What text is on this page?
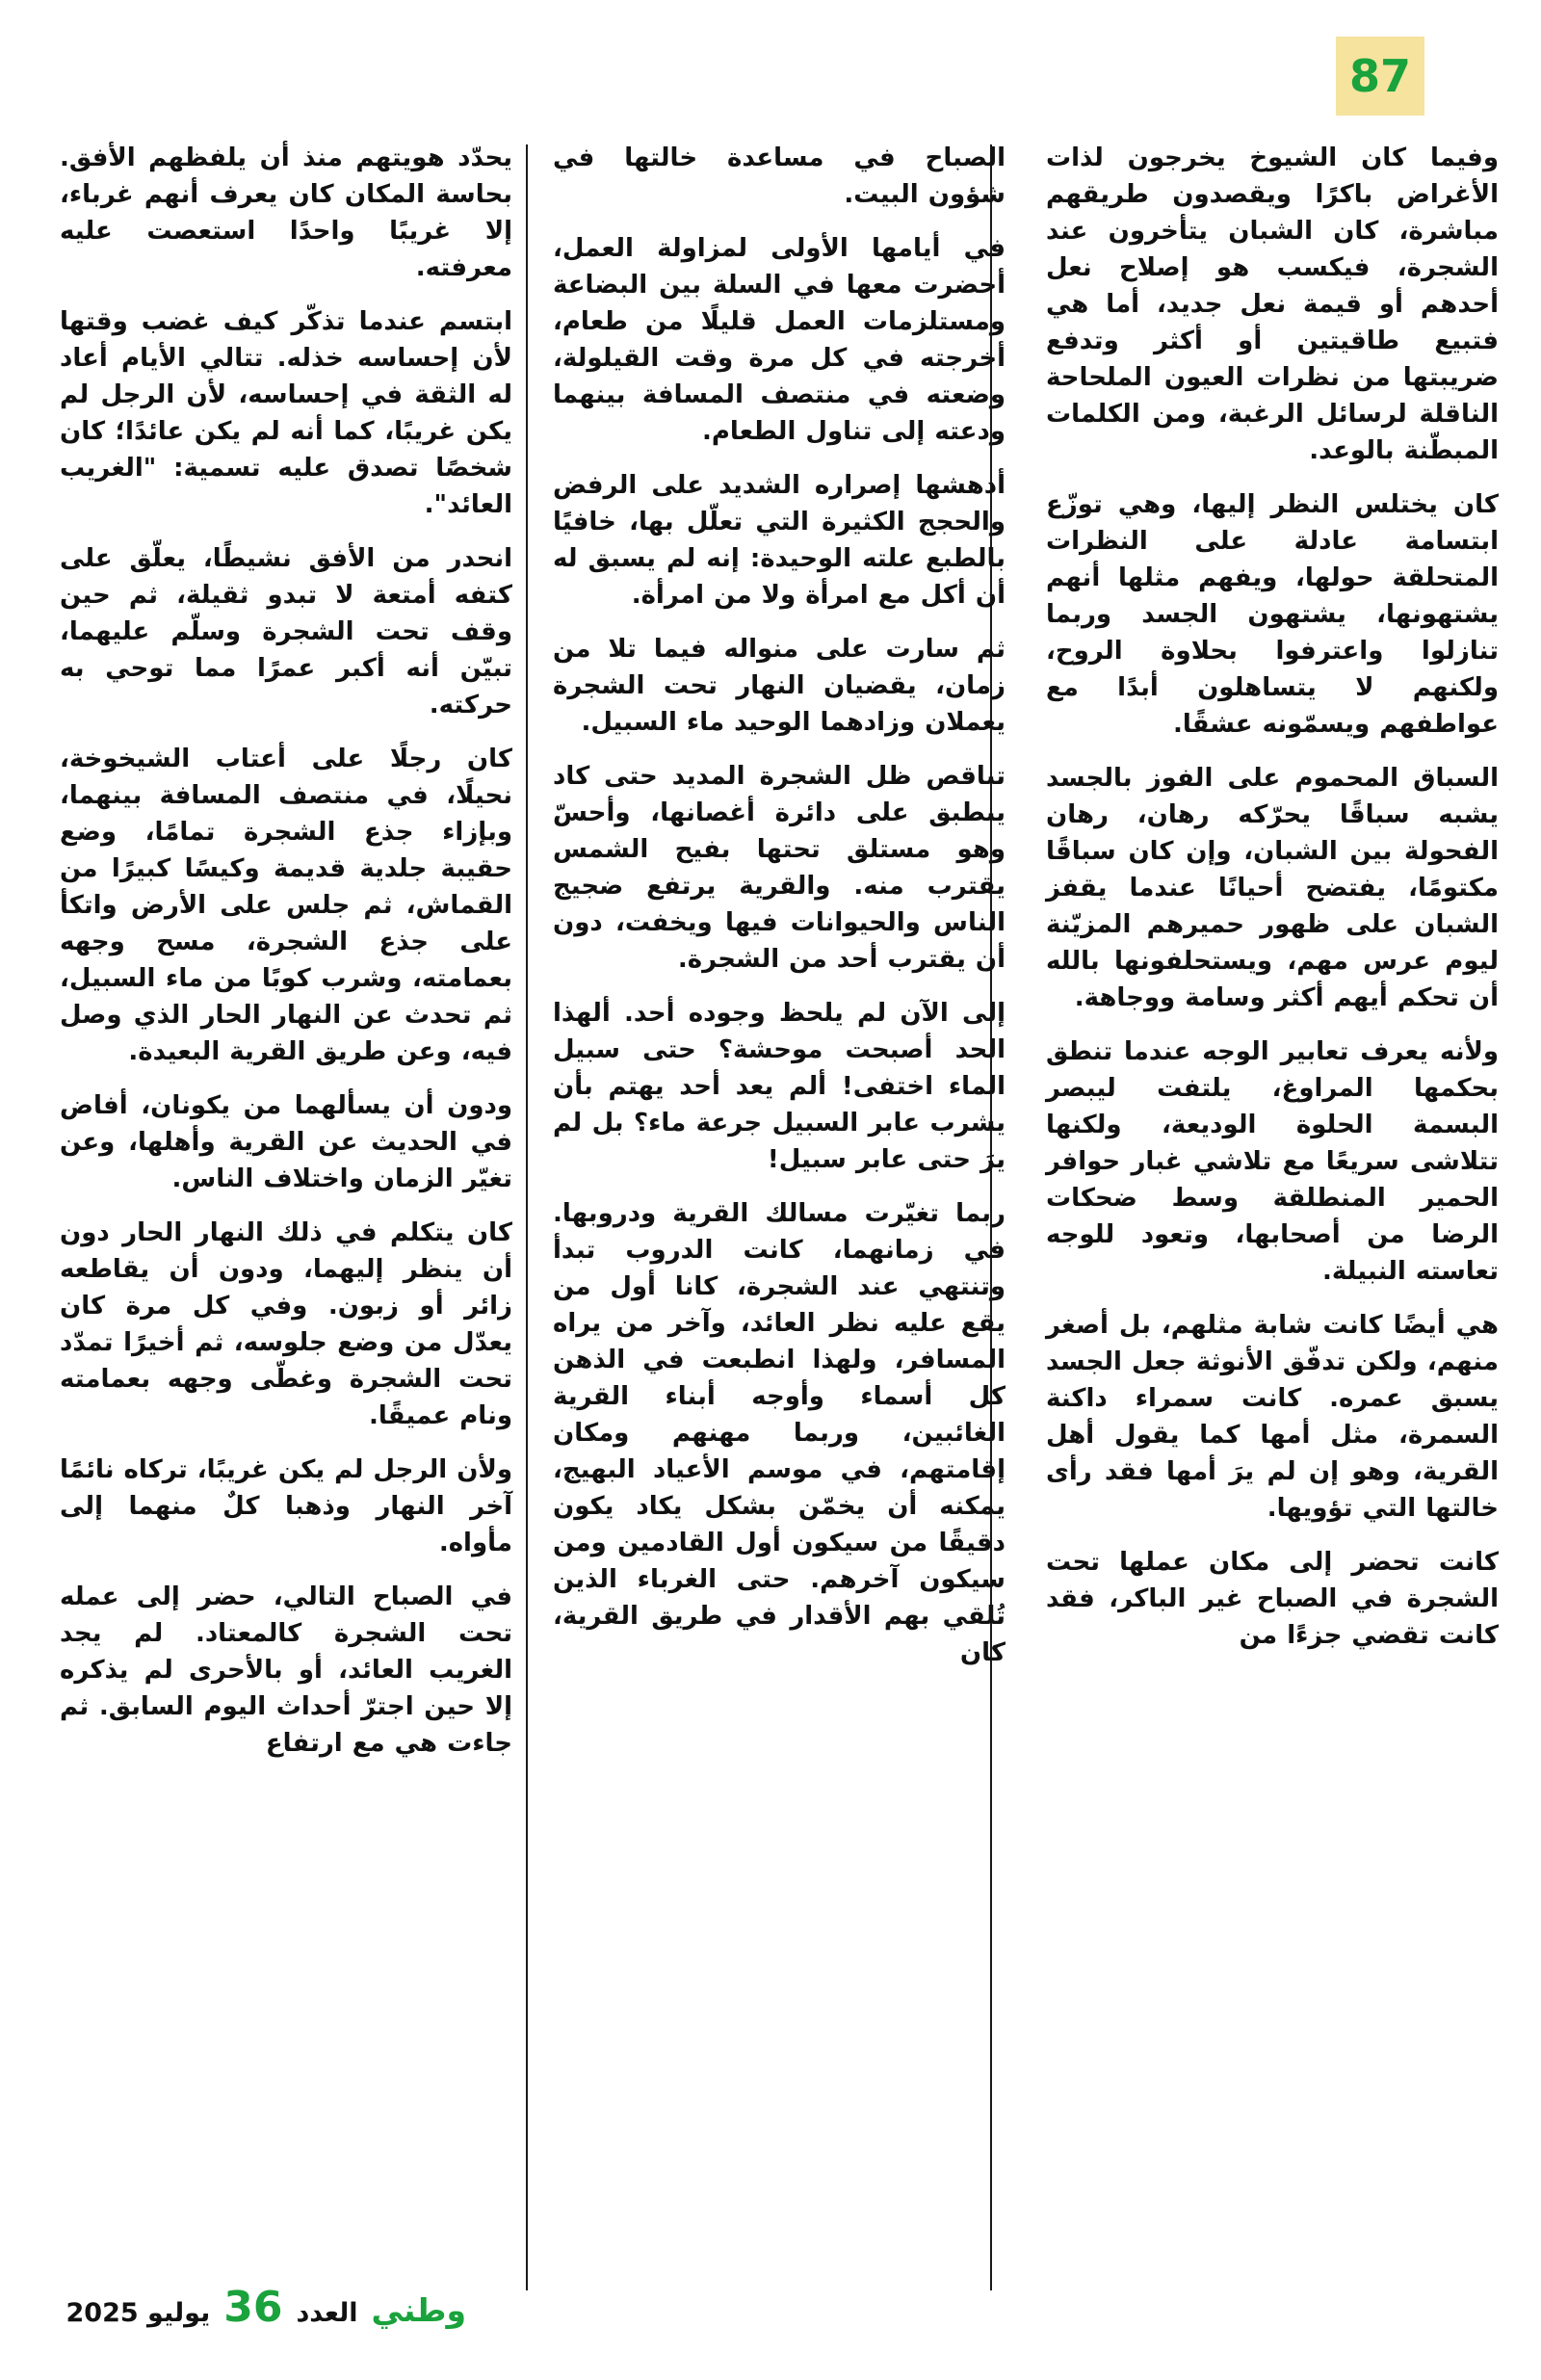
87

وفيما كان الشيوخ يخرجون لذات الأغراض باكرًا ويقصدون طريقهم مباشرة، كان الشبان يتأخرون عند الشجرة، فيكسب هو إصلاح نعل أحدهم أو قيمة نعل جديد، أما هي فتبيع طاقيتين أو أكثر وتدفع ضريبتها من نظرات العيون الملحاحة الناقلة لرسائل الرغبة، ومن الكلمات المبطّنة بالوعد.

كان يختلس النظر إليها، وهي توزّع ابتسامة عادلة على النظرات المتحلقة حولها، ويفهم مثلها أنهم يشتهونها، يشتهون الجسد وربما تنازلوا واعترفوا بحلاوة الروح، ولكنهم لا يتساهلون أبدًا مع عواطفهم ويسمّونه عشقًا.

السباق المحموم على الفوز بالجسد يشبه سباقًا يحرّكه رهان، رهان الفحولة بين الشبان، وإن كان سباقًا مكتومًا، يفتضح أحيانًا عندما يقفز الشبان على ظهور حميرهم المزيّنة ليوم عرس مهم، ويستحلفونها بالله أن تحكم أيهم أكثر وسامة ووجاهة.

ولأنه يعرف تعابير الوجه عندما تنطق بحكمها المراوغ، يلتفت ليبصر البسمة الحلوة الوديعة، ولكنها تتلاشى سريعًا مع تلاشي غبار حوافر الحمير المنطلقة وسط ضحكات الرضا من أصحابها، وتعود للوجه تعاسته النبيلة.

هي أيضًا كانت شابة مثلهم، بل أصغر منهم، ولكن تدفّق الأنوثة جعل الجسد يسبق عمره. كانت سمراء داكنة السمرة، مثل أمها كما يقول أهل القرية، وهو إن لم يرَ أمها فقد رأى خالتها التي تؤويها.

كانت تحضر إلى مكان عملها تحت الشجرة في الصباح غير الباكر، فقد كانت تقضي جزءًا من

الصباح في مساعدة خالتها في شؤون البيت.

في أيامها الأولى لمزاولة العمل، أحضرت معها في السلة بين البضاعة ومستلزمات العمل قليلًا من طعام، أخرجته في كل مرة وقت القيلولة، وضعته في منتصف المسافة بينهما ودعته إلى تناول الطعام.

أدهشها إصراره الشديد على الرفض والحجج الكثيرة التي تعلّل بها، خافيًا بالطبع علته الوحيدة: إنه لم يسبق له أن أكل مع امرأة ولا من امرأة.

ثم سارت على منواله فيما تلا من زمان، يقضيان النهار تحت الشجرة يعملان وزادهما الوحيد ماء السبيل.

تناقص ظل الشجرة المديد حتى كاد ينطبق على دائرة أغصانها، وأحسّ وهو مستلق تحتها بفيح الشمس يقترب منه. والقرية يرتفع ضجيج الناس والحيوانات فيها ويخفت، دون أن يقترب أحد من الشجرة.

إلى الآن لم يلحظ وجوده أحد. ألهذا الحد أصبحت موحشة؟ حتى سبيل الماء اختفى! ألم يعد أحد يهتم بأن يشرب عابر السبيل جرعة ماء؟ بل لم يرَ حتى عابر سبيل!

ربما تغيّرت مسالك القرية ودروبها. في زمانهما، كانت الدروب تبدأ وتنتهي عند الشجرة، كانا أول من يقع عليه نظر العائد، وآخر من يراه المسافر، ولهذا انطبعت في الذهن كل أسماء وأوجه أبناء القرية الغائبين، وربما مهنهم ومكان إقامتهم، في موسم الأعياد البهيج، يمكنه أن يخمّن بشكل يكاد يكون دقيقًا من سيكون أول القادمين ومن سيكون آخرهم. حتى الغرباء الذين تُلقي بهم الأقدار في طريق القرية، كان

يحدّد هويتهم منذ أن يلفظهم الأفق. بحاسة المكان كان يعرف أنهم غرباء، إلا غريبًا واحدًا استعصت عليه معرفته.

ابتسم عندما تذكّر كيف غضب وقتها لأن إحساسه خذله. تتالي الأيام أعاد له الثقة في إحساسه، لأن الرجل لم يكن غريبًا، كما أنه لم يكن عائدًا؛ كان شخصًا تصدق عليه تسمية: "الغريب العائد".

انحدر من الأفق نشيطًا، يعلّق على كتفه أمتعة لا تبدو ثقيلة، ثم حين وقف تحت الشجرة وسلّم عليهما، تبيّن أنه أكبر عمرًا مما توحي به حركته.

كان رجلًا على أعتاب الشيخوخة، نحيلًا، في منتصف المسافة بينهما، وبإزاء جذع الشجرة تمامًا، وضع حقيبة جلدية قديمة وكيسًا كبيرًا من القماش، ثم جلس على الأرض واتكأ على جذع الشجرة، مسح وجهه بعمامته، وشرب كوبًا من ماء السبيل، ثم تحدث عن النهار الحار الذي وصل فيه، وعن طريق القرية البعيدة.

ودون أن يسألهما من يكونان، أفاض في الحديث عن القرية وأهلها، وعن تغيّر الزمان واختلاف الناس.

كان يتكلم في ذلك النهار الحار دون أن ينظر إليهما، ودون أن يقاطعه زائر أو زبون. وفي كل مرة كان يعدّل من وضع جلوسه، ثم أخيرًا تمدّد تحت الشجرة وغطّى وجهه بعمامته ونام عميقًا.

ولأن الرجل لم يكن غريبًا، تركاه نائمًا آخر النهار وذهبا كلٌ منهما إلى مأواه.

في الصباح التالي، حضر إلى عمله تحت الشجرة كالمعتاد. لم يجد الغريب العائد، أو بالأحرى لم يذكره إلا حين اجترّ أحداث اليوم السابق. ثم جاءت هي مع ارتفاع

وطني
العدد
36
يوليو 2025
